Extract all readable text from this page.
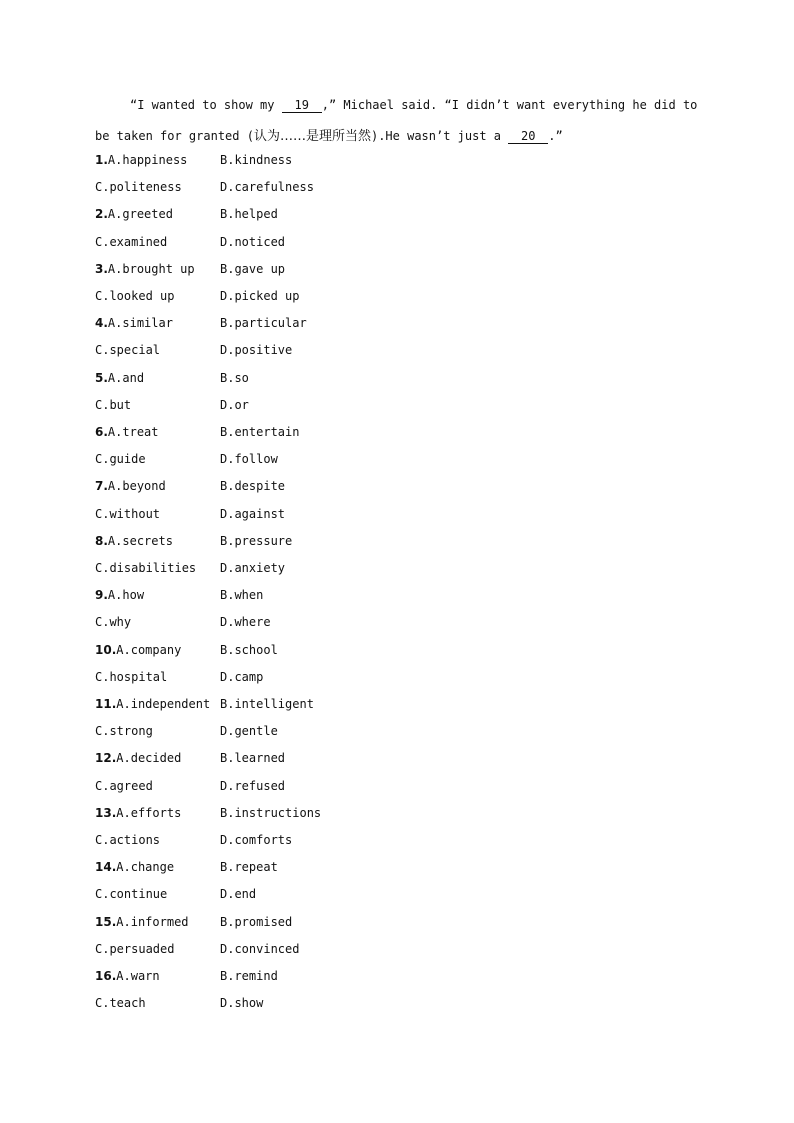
“I wanted to show my 19 ,” Michael said. “I didn’t want everything he did to
be taken for granted (认为……是理所当然).He wasn’t just a 20 .”
1.A.happiness	B.kindness
C.politeness	D.carefulness
2.A.greeted	B.helped
C.examined	D.noticed
3.A.brought up B.gave up
C.looked up	D.picked up
4.A.similar	B.particular
C.special	D.positive
5.A.and	B.so
C.but	D.or
6.A.treat	B.entertain
C.guide	D.follow
7.A.beyond	B.despite
C.without	D.against
8.A.secrets	B.pressure
C.disabilities D.anxiety
9.A.how	B.when
C.why	D.where
10.A.company	B.school
C.hospital	D.camp
11.A.independent B.intelligent
C.strong	D.gentle
12.A.decided	B.learned
C.agreed	D.refused
13.A.efforts	B.instructions
C.actions	D.comforts
14.A.change	B.repeat
C.continue	D.end
15.A.informed	B.promised
C.persuaded	D.convinced
16.A.warn	B.remind
C.teach	D.show
